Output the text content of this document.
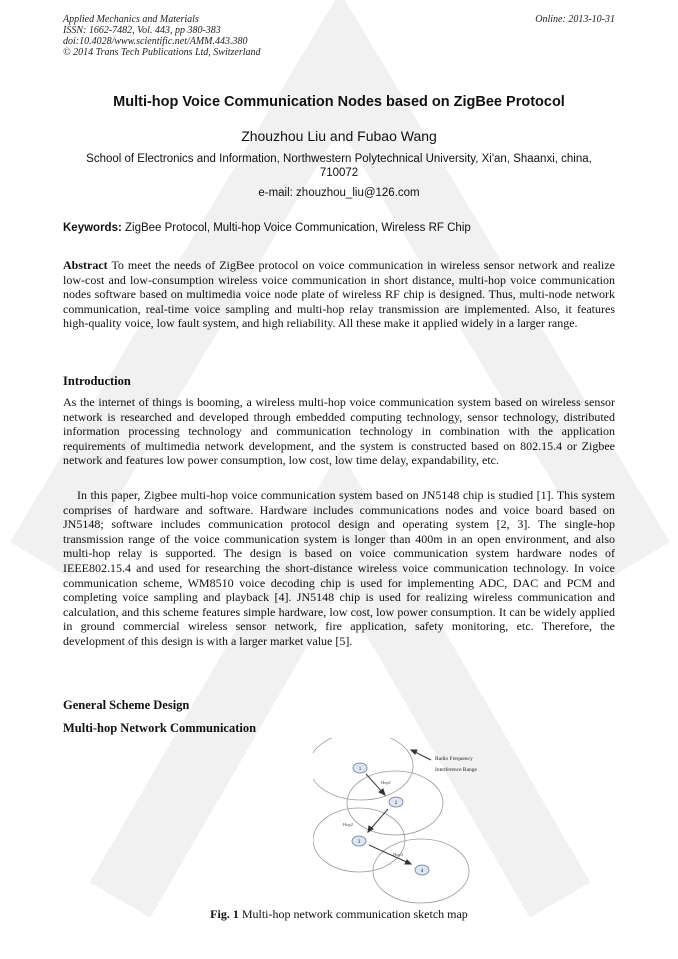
Applied Mechanics and Materials
ISSN: 1662-7482, Vol. 443, pp 380-383
doi:10.4028/www.scientific.net/AMM.443.380
© 2014 Trans Tech Publications Ltd, Switzerland
Online: 2013-10-31
Multi-hop Voice Communication Nodes based on ZigBee Protocol
Zhouzhou Liu and Fubao Wang
School of Electronics and Information, Northwestern Polytechnical University, Xi'an, Shaanxi, china, 710072
e-mail: zhouzhou_liu@126.com
Keywords: ZigBee Protocol, Multi-hop Voice Communication, Wireless RF Chip
Abstract To meet the needs of ZigBee protocol on voice communication in wireless sensor network and realize low-cost and low-consumption wireless voice communication in short distance, multi-hop voice communication nodes software based on multimedia voice node plate of wireless RF chip is designed. Thus, multi-node network communication, real-time voice sampling and multi-hop relay transmission are implemented. Also, it features high-quality voice, low fault system, and high reliability. All these make it applied widely in a larger range.
Introduction
As the internet of things is booming, a wireless multi-hop voice communication system based on wireless sensor network is researched and developed through embedded computing technology, sensor technology, distributed information processing technology and communication technology in combination with the application requirements of multimedia network development, and the system is constructed based on 802.15.4 or Zigbee network and features low power consumption, low cost, low time delay, expandability, etc.
In this paper, Zigbee multi-hop voice communication system based on JN5148 chip is studied [1]. This system comprises of hardware and software. Hardware includes communications nodes and voice board based on JN5148; software includes communication protocol design and operating system [2, 3]. The single-hop transmission range of the voice communication system is longer than 400m in an open environment, and also multi-hop relay is supported. The design is based on voice communication system hardware nodes of IEEE802.15.4 and used for researching the short-distance wireless voice communication technology. In voice communication scheme, WM8510 voice decoding chip is used for implementing ADC, DAC and PCM and completing voice sampling and playback [4]. JN5148 chip is used for realizing wireless communication and calculation, and this scheme features simple hardware, low cost, low power consumption. It can be widely applied in ground commercial wireless sensor network, fire application, safety monitoring, etc. Therefore, the development of this design is with a larger market value [5].
General Scheme Design
Multi-hop Network Communication
1
2
3
4
Hop1
Hop2
Hop3
Radio Frequency
Interference Range
Fig. 1 Multi-hop network communication sketch map
